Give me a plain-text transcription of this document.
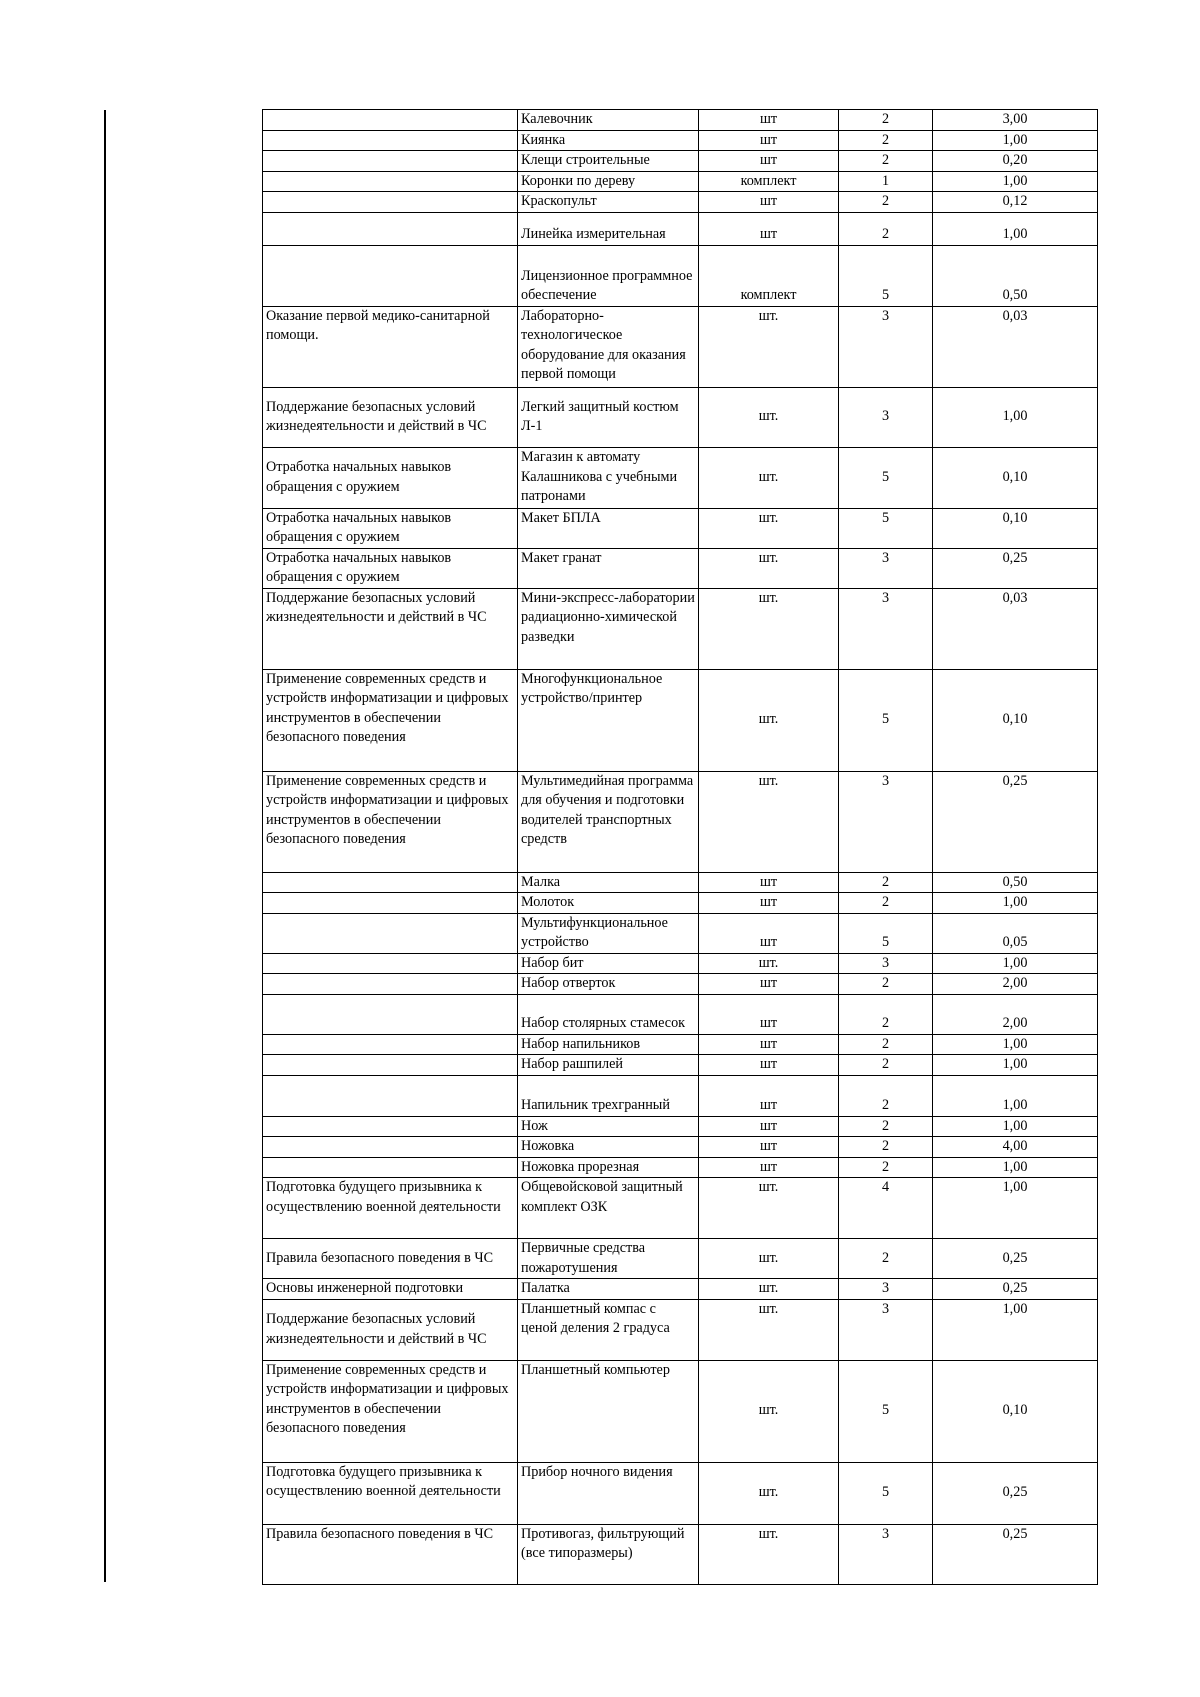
	Калевочник	шт	2	3,00
	Киянка	шт	2	1,00
	Клещи строительные	шт	2	0,20
	Коронки по дереву	комплект	1	1,00
	Краскопульт	шт	2	0,12
	Линейка измерительная	шт	2	1,00
	Лицензионное программное обеспечение	комплект	5	0,50
Оказание первой медико-санитарной помощи.	Лабораторно-технологическое оборудование для оказания первой помощи	шт.	3	0,03
Поддержание безопасных условий жизнедеятельности и действий в ЧС	Легкий защитный костюм Л-1	шт.	3	1,00
Отработка начальных навыков обращения с оружием	Магазин к автомату Калашникова с учебными патронами	шт.	5	0,10
Отработка начальных навыков обращения с оружием	Макет БПЛА	шт.	5	0,10
Отработка начальных навыков обращения с оружием	Макет гранат	шт.	3	0,25
Поддержание безопасных условий жизнедеятельности и действий в ЧС	Мини-экспресс-лаборатории радиационно-химической разведки	шт.	3	0,03
Применение современных средств и устройств информатизации и цифровых инструментов в обеспечении безопасного поведения	Многофункциональное устройство/принтер	шт.	5	0,10
Применение современных средств и устройств информатизации и цифровых инструментов в обеспечении безопасного поведения	Мультимедийная программа для обучения и подготовки водителей транспортных средств	шт.	3	0,25
	Малка	шт	2	0,50
	Молоток	шт	2	1,00
	Мультифункциональное устройство	шт	5	0,05
	Набор бит	шт.	3	1,00
	Набор отверток	шт	2	2,00
	Набор столярных стамесок	шт	2	2,00
	Набор напильников	шт	2	1,00
	Набор рашпилей	шт	2	1,00
	Напильник трехгранный	шт	2	1,00
	Нож	шт	2	1,00
	Ножовка	шт	2	4,00
	Ножовка прорезная	шт	2	1,00
Подготовка будущего призывника к осуществлению военной деятельности	Общевойсковой защитный комплект ОЗК	шт.	4	1,00
Правила безопасного поведения в ЧС	Первичные средства пожаротушения	шт.	2	0,25
Основы инженерной подготовки	Палатка	шт.	3	0,25
Поддержание безопасных условий жизнедеятельности и действий в ЧС	Планшетный компас с ценой деления 2 градуса	шт.	3	1,00
Применение современных средств и устройств информатизации и цифровых инструментов в обеспечении безопасного поведения	Планшетный компьютер	шт.	5	0,10
Подготовка будущего призывника к осуществлению военной деятельности	Прибор ночного видения	шт.	5	0,25
Правила безопасного поведения в ЧС	Противогаз, фильтрующий (все типоразмеры)	шт.	3	0,25
